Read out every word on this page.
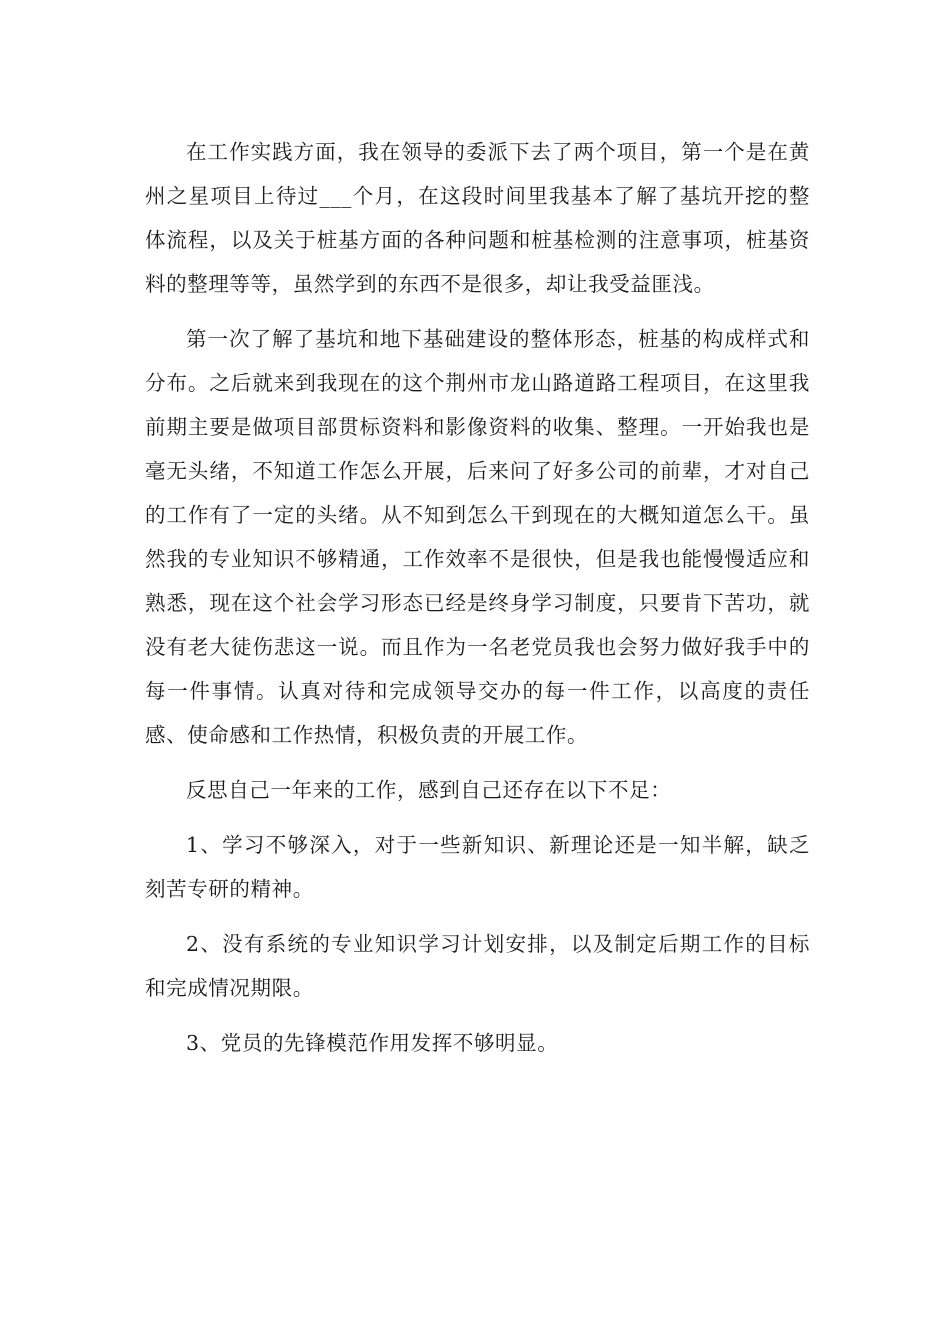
在工作实践方面，我在领导的委派下去了两个项目，第一个是在黄州之星项目上待过___个月，在这段时间里我基本了解了基坑开挖的整体流程，以及关于桩基方面的各种问题和桩基检测的注意事项，桩基资料的整理等等，虽然学到的东西不是很多，却让我受益匪浅。

第一次了解了基坑和地下基础建设的整体形态，桩基的构成样式和分布。之后就来到我现在的这个荆州市龙山路道路工程项目，在这里我前期主要是做项目部贯标资料和影像资料的收集、整理。一开始我也是毫无头绪，不知道工作怎么开展，后来问了好多公司的前辈，才对自己的工作有了一定的头绪。从不知到怎么干到现在的大概知道怎么干。虽然我的专业知识不够精通，工作效率不是很快，但是我也能慢慢适应和熟悉，现在这个社会学习形态已经是终身学习制度，只要肯下苦功，就没有老大徒伤悲这一说。而且作为一名老党员我也会努力做好我手中的每一件事情。认真对待和完成领导交办的每一件工作，以高度的责任感、使命感和工作热情，积极负责的开展工作。

反思自己一年来的工作，感到自己还存在以下不足：

1、学习不够深入，对于一些新知识、新理论还是一知半解，缺乏刻苦专研的精神。

2、没有系统的专业知识学习计划安排，以及制定后期工作的目标和完成情况期限。

3、党员的先锋模范作用发挥不够明显。
